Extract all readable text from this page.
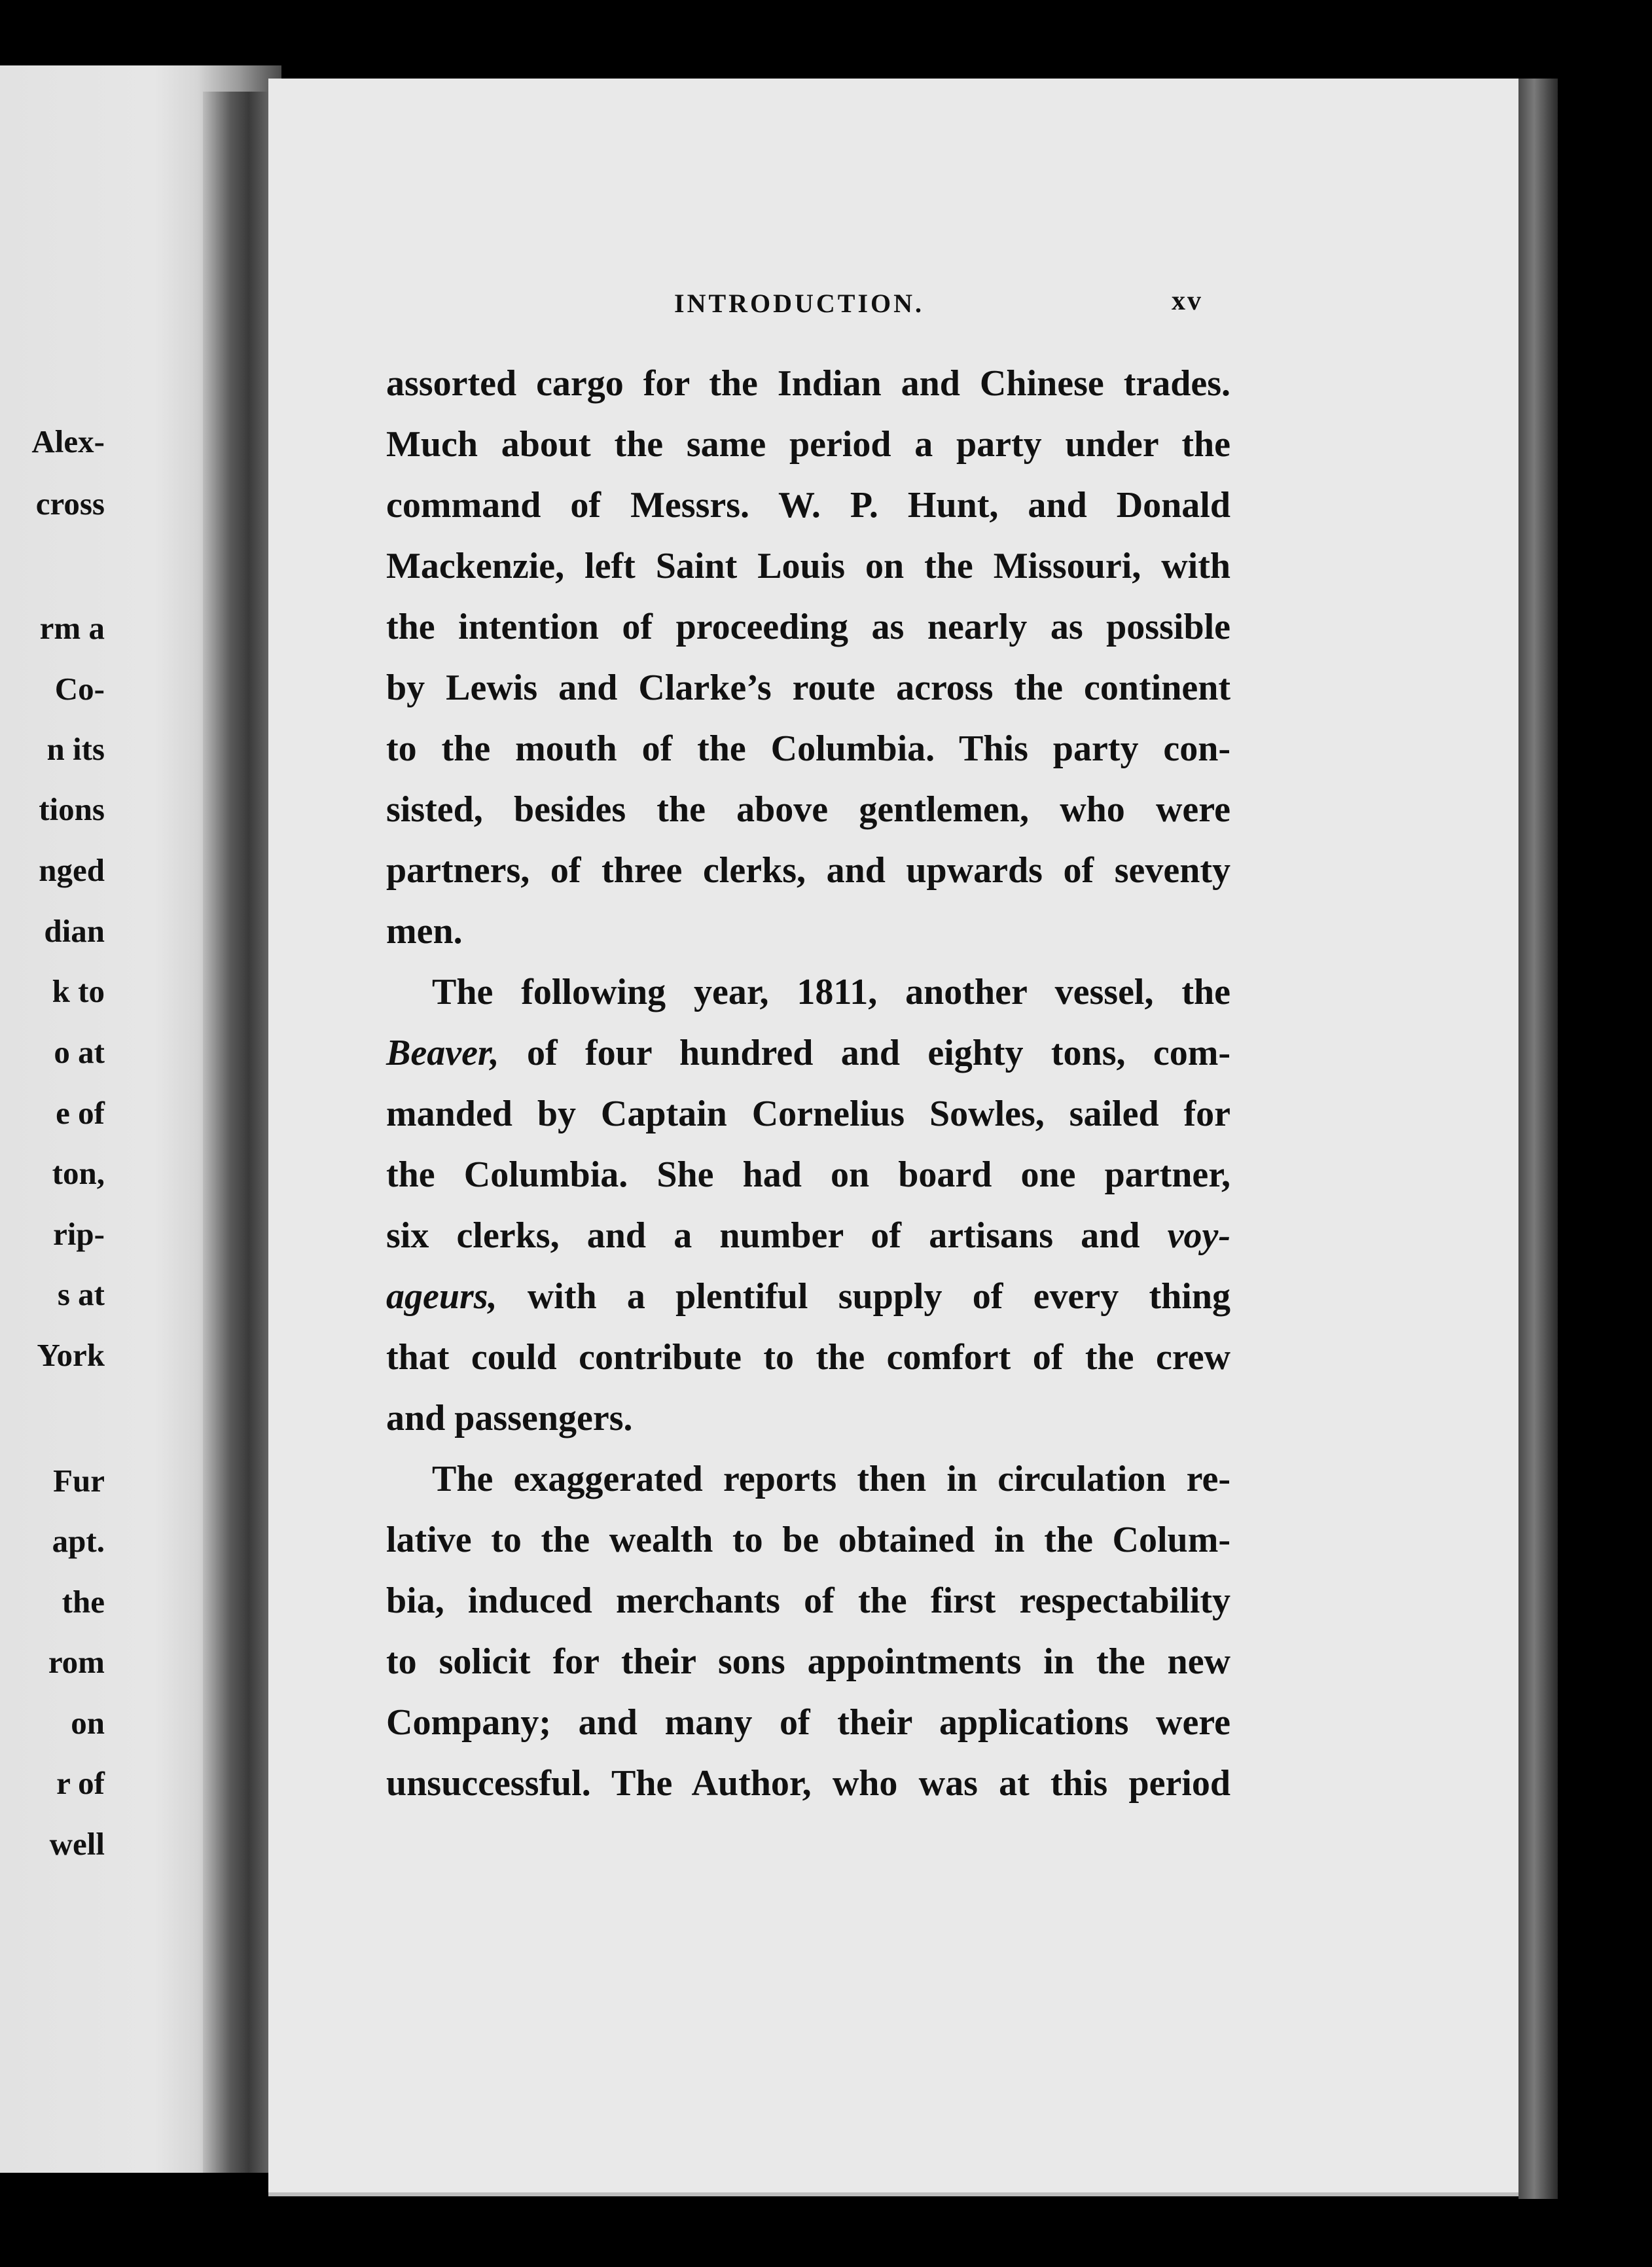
Alex-
cross
rm a
Co-
n its
tions
nged
dian
k to
o at
e of
ton,
rip-
s at
York
Fur
apt.
the
rom
on
r of
well
INTRODUCTION.	xv
assorted cargo for the Indian and Chinese trades.
Much about the same period a party under the
command of Messrs. W. P. Hunt, and Donald
Mackenzie, left Saint Louis on the Missouri, with
the intention of proceeding as nearly as possible
by Lewis and Clarke’s route across the continent
to the mouth of the Columbia. This party con-
sisted, besides the above gentlemen, who were
partners, of three clerks, and upwards of seventy
men.
The following year, 1811, another vessel, the
Beaver, of four hundred and eighty tons, com-
manded by Captain Cornelius Sowles, sailed for
the Columbia. She had on board one partner,
six clerks, and a number of artisans and voy-
ageurs, with a plentiful supply of every thing
that could contribute to the comfort of the crew
and passengers.
The exaggerated reports then in circulation re-
lative to the wealth to be obtained in the Colum-
bia, induced merchants of the first respectability
to solicit for their sons appointments in the new
Company; and many of their applications were
unsuccessful. The Author, who was at this period
